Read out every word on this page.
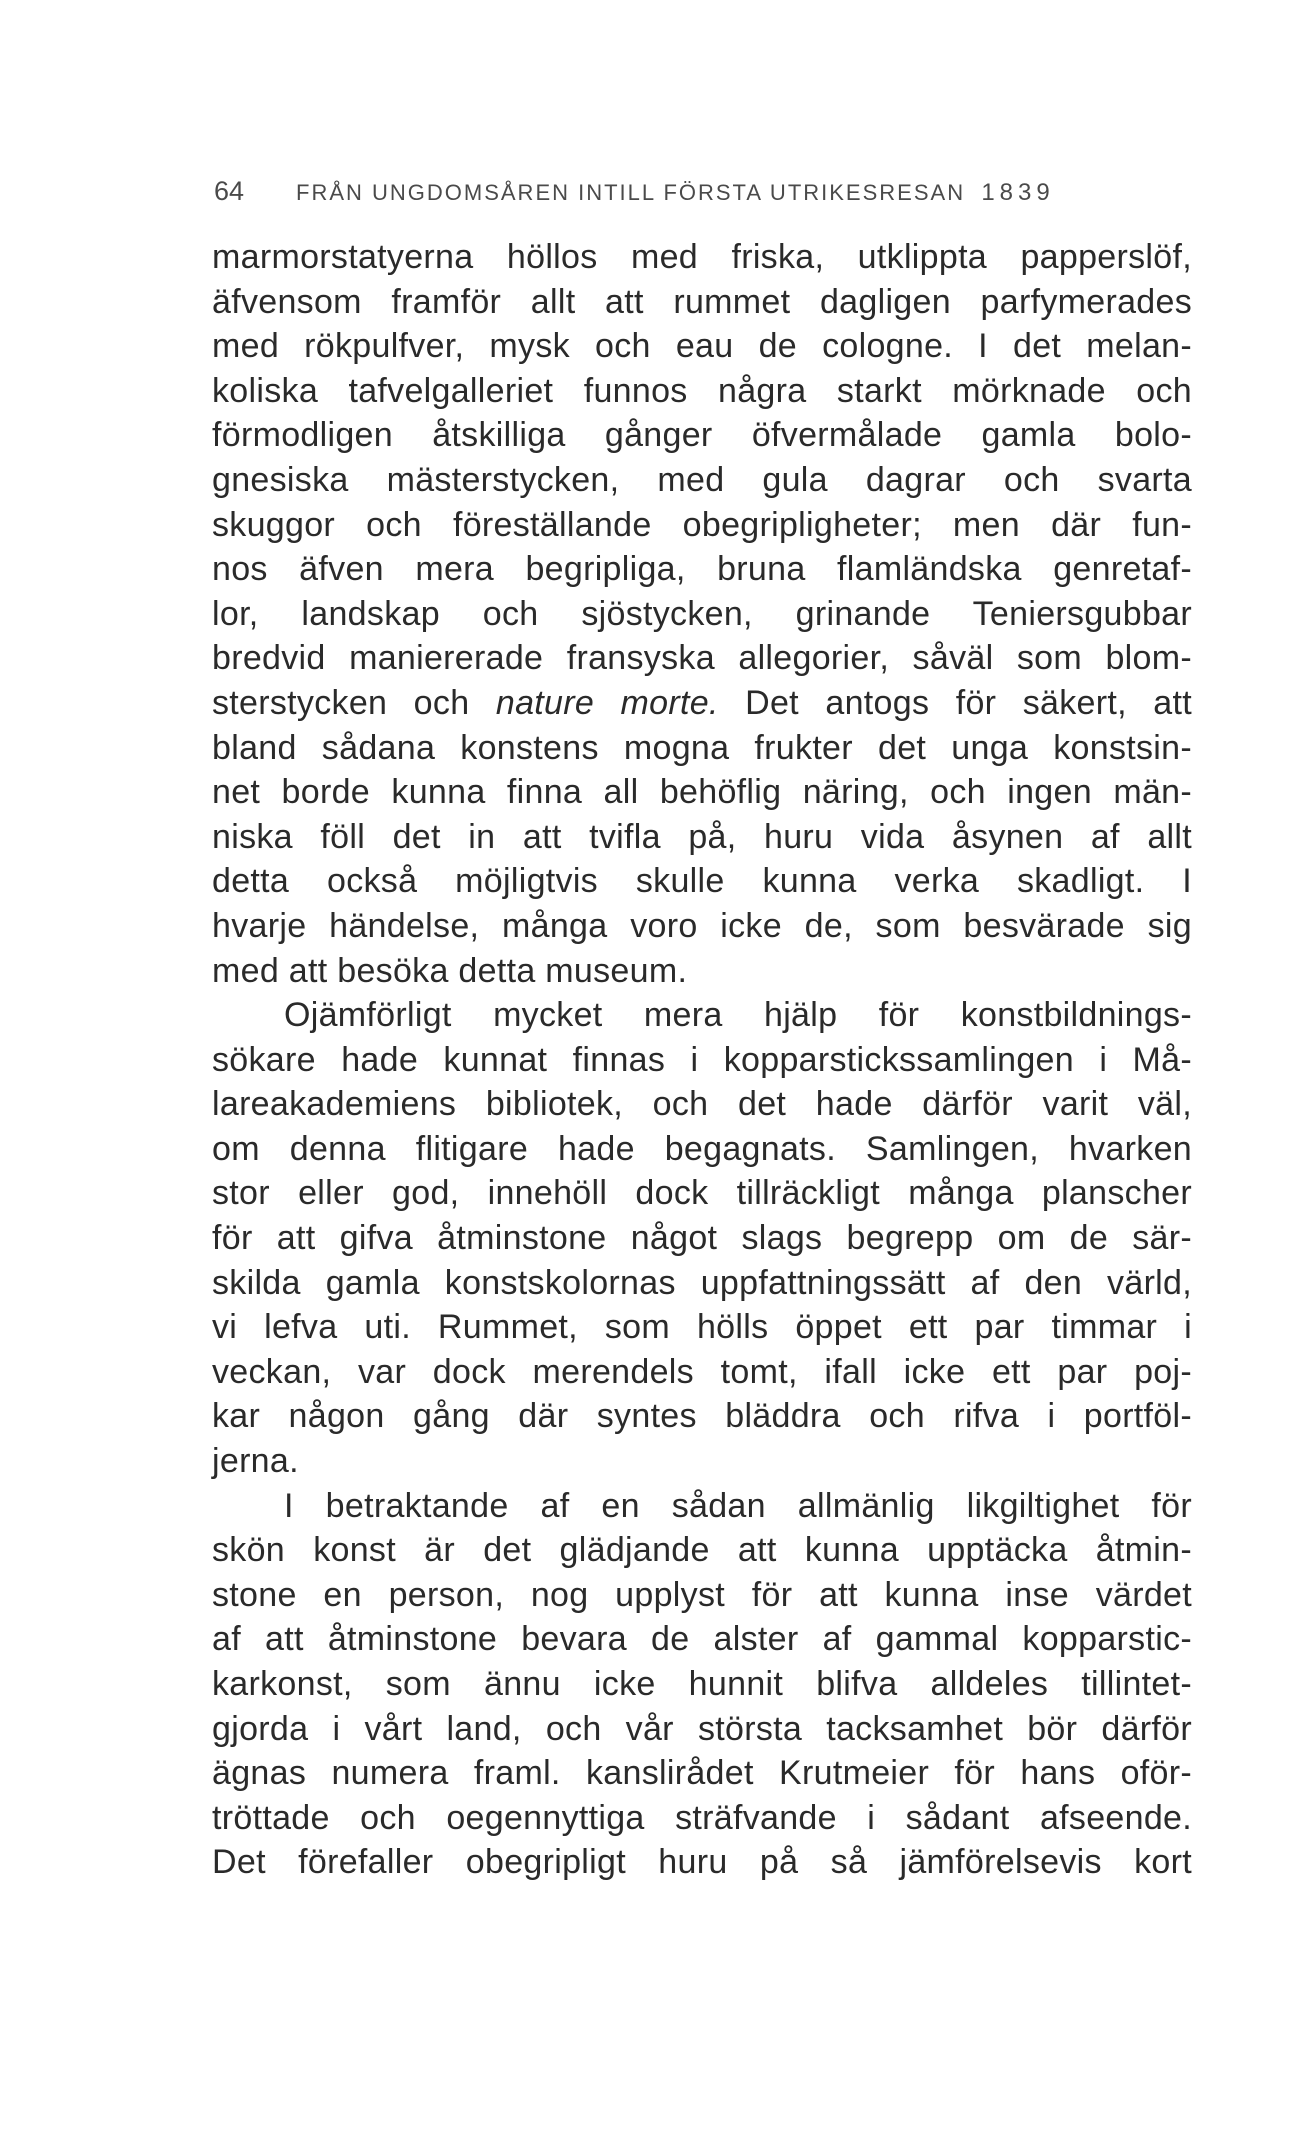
64 FRÅN UNGDOMSÅREN INTILL FÖRSTA UTRIKESRESAN 1839
marmorstatyerna höllos med friska, utklippta papperslöf,
äfvensom framför allt att rummet dagligen parfymerades
med rökpulfver, mysk och eau de cologne. I det melan-
koliska tafvelgalleriet funnos några starkt mörknade och
förmodligen åtskilliga gånger öfvermålade gamla bolo-
gnesiska mästerstycken, med gula dagrar och svarta
skuggor och föreställande obegripligheter; men där fun-
nos äfven mera begripliga, bruna flamländska genretaf-
lor, landskap och sjöstycken, grinande Teniersgubbar
bredvid maniererade fransyska allegorier, såväl som blom-
sterstycken och nature morte. Det antogs för säkert, att
bland sådana konstens mogna frukter det unga konstsin-
net borde kunna finna all behöflig näring, och ingen män-
niska föll det in att tvifla på, huru vida åsynen af allt
detta också möjligtvis skulle kunna verka skadligt. I
hvarje händelse, många voro icke de, som besvärade sig
med att besöka detta museum.
Ojämförligt mycket mera hjälp för konstbildnings-
sökare hade kunnat finnas i kopparstickssamlingen i Må-
lareakademiens bibliotek, och det hade därför varit väl,
om denna flitigare hade begagnats. Samlingen, hvarken
stor eller god, innehöll dock tillräckligt många planscher
för att gifva åtminstone något slags begrepp om de sär-
skilda gamla konstskolornas uppfattningssätt af den värld,
vi lefva uti. Rummet, som hölls öppet ett par timmar i
veckan, var dock merendels tomt, ifall icke ett par poj-
kar någon gång där syntes bläddra och rifva i portföl-
jerna.
I betraktande af en sådan allmänlig likgiltighet för
skön konst är det glädjande att kunna upptäcka åtmin-
stone en person, nog upplyst för att kunna inse värdet
af att åtminstone bevara de alster af gammal kopparstic-
karkonst, som ännu icke hunnit blifva alldeles tillintet-
gjorda i vårt land, och vår största tacksamhet bör därför
ägnas numera framl. kanslirådet Krutmeier för hans oför-
tröttade och oegennyttiga sträfvande i sådant afseende.
Det förefaller obegripligt huru på så jämförelsevis kort
